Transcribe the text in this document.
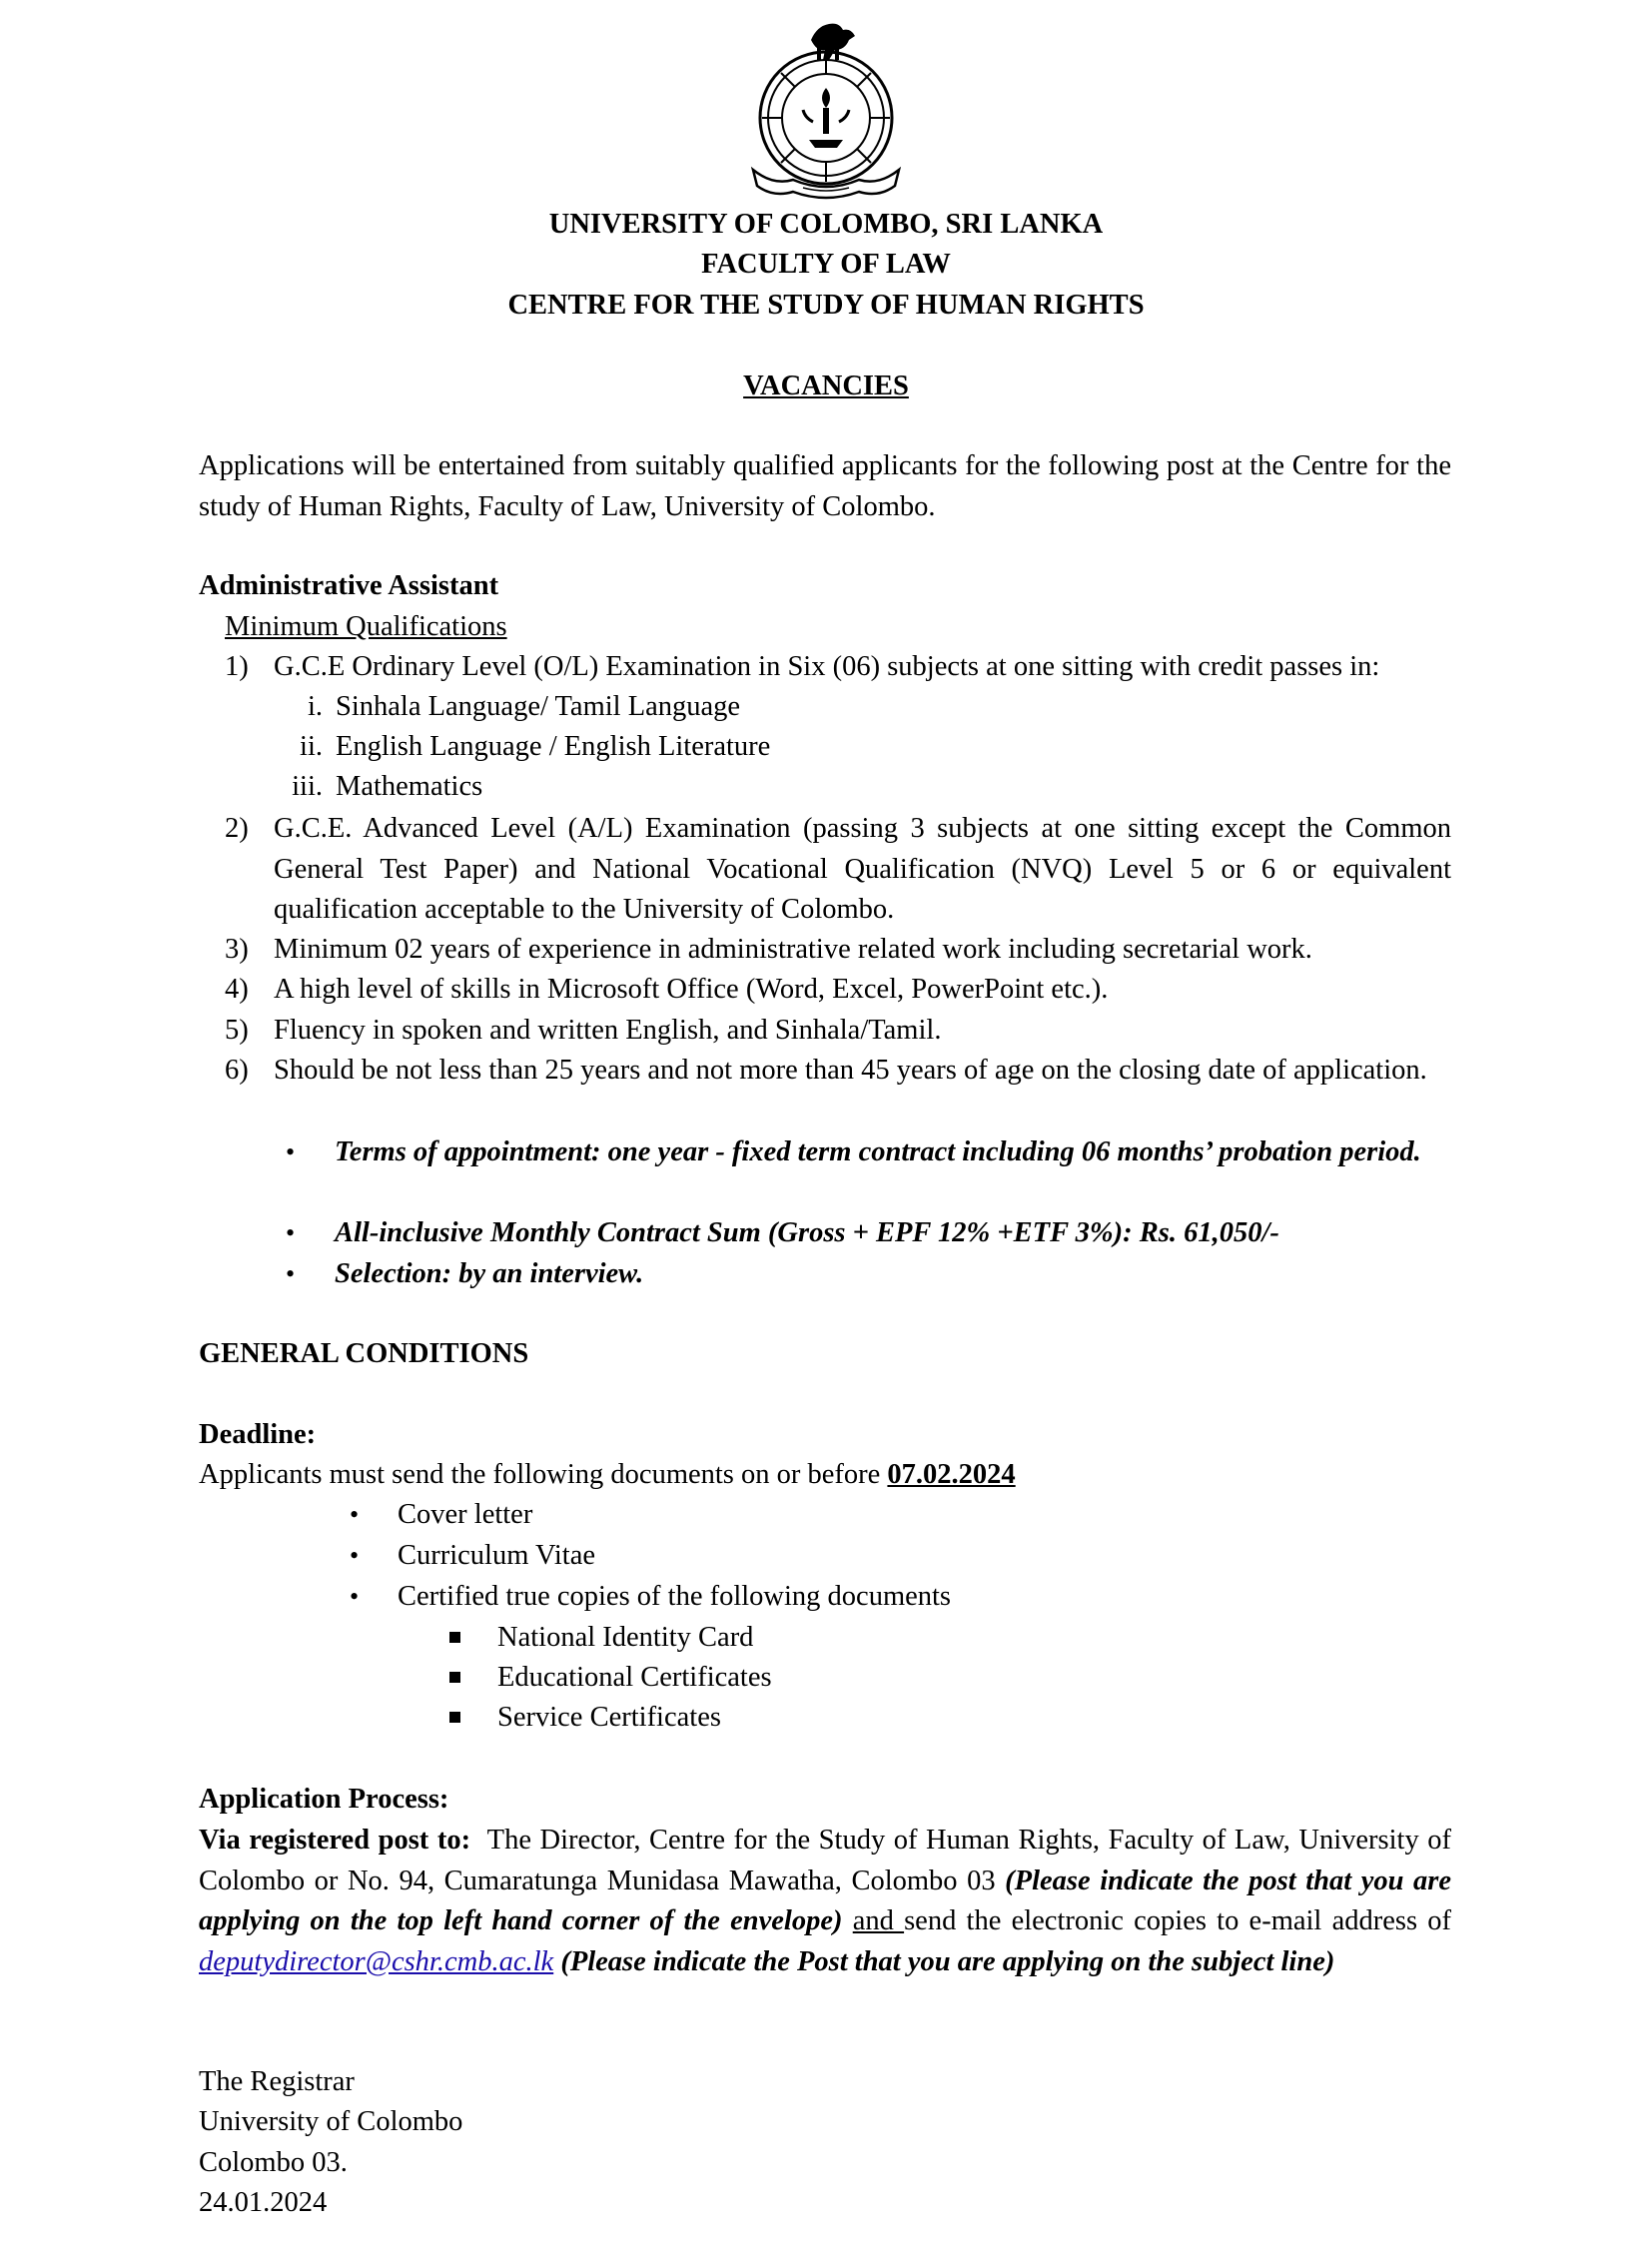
UNIVERSITY OF COLOMBO, SRI LANKA
FACULTY OF LAW
CENTRE FOR THE STUDY OF HUMAN RIGHTS
VACANCIES
Applications will be entertained from suitably qualified applicants for the following post at the Centre for the study of Human Rights, Faculty of Law, University of Colombo.
Administrative Assistant
Minimum Qualifications
1) G.C.E Ordinary Level (O/L) Examination in Six (06) subjects at one sitting with credit passes in:
i. Sinhala Language/ Tamil Language
ii. English Language / English Literature
iii. Mathematics
2) G.C.E. Advanced Level (A/L) Examination (passing 3 subjects at one sitting except the Common General Test Paper) and National Vocational Qualification (NVQ) Level 5 or 6 or equivalent qualification acceptable to the University of Colombo.
3) Minimum 02 years of experience in administrative related work including secretarial work.
4) A high level of skills in Microsoft Office (Word, Excel, PowerPoint etc.).
5) Fluency in spoken and written English, and Sinhala/Tamil.
6) Should be not less than 25 years and not more than 45 years of age on the closing date of application.
• Terms of appointment: one year - fixed term contract including 06 months’ probation period.
• All-inclusive Monthly Contract Sum (Gross + EPF 12% +ETF 3%): Rs. 61,050/-
• Selection: by an interview.
GENERAL CONDITIONS
Deadline:
Applicants must send the following documents on or before 07.02.2024
• Cover letter
• Curriculum Vitae
• Certified true copies of the following documents
National Identity Card
Educational Certificates
Service Certificates
Application Process:
Via registered post to: The Director, Centre for the Study of Human Rights, Faculty of Law, University of Colombo or No. 94, Cumaratunga Munidasa Mawatha, Colombo 03 (Please indicate the post that you are applying on the top left hand corner of the envelope) and send the electronic copies to e-mail address of deputydirector@cshr.cmb.ac.lk (Please indicate the Post that you are applying on the subject line)
The Registrar
University of Colombo
Colombo 03.
24.01.2024
